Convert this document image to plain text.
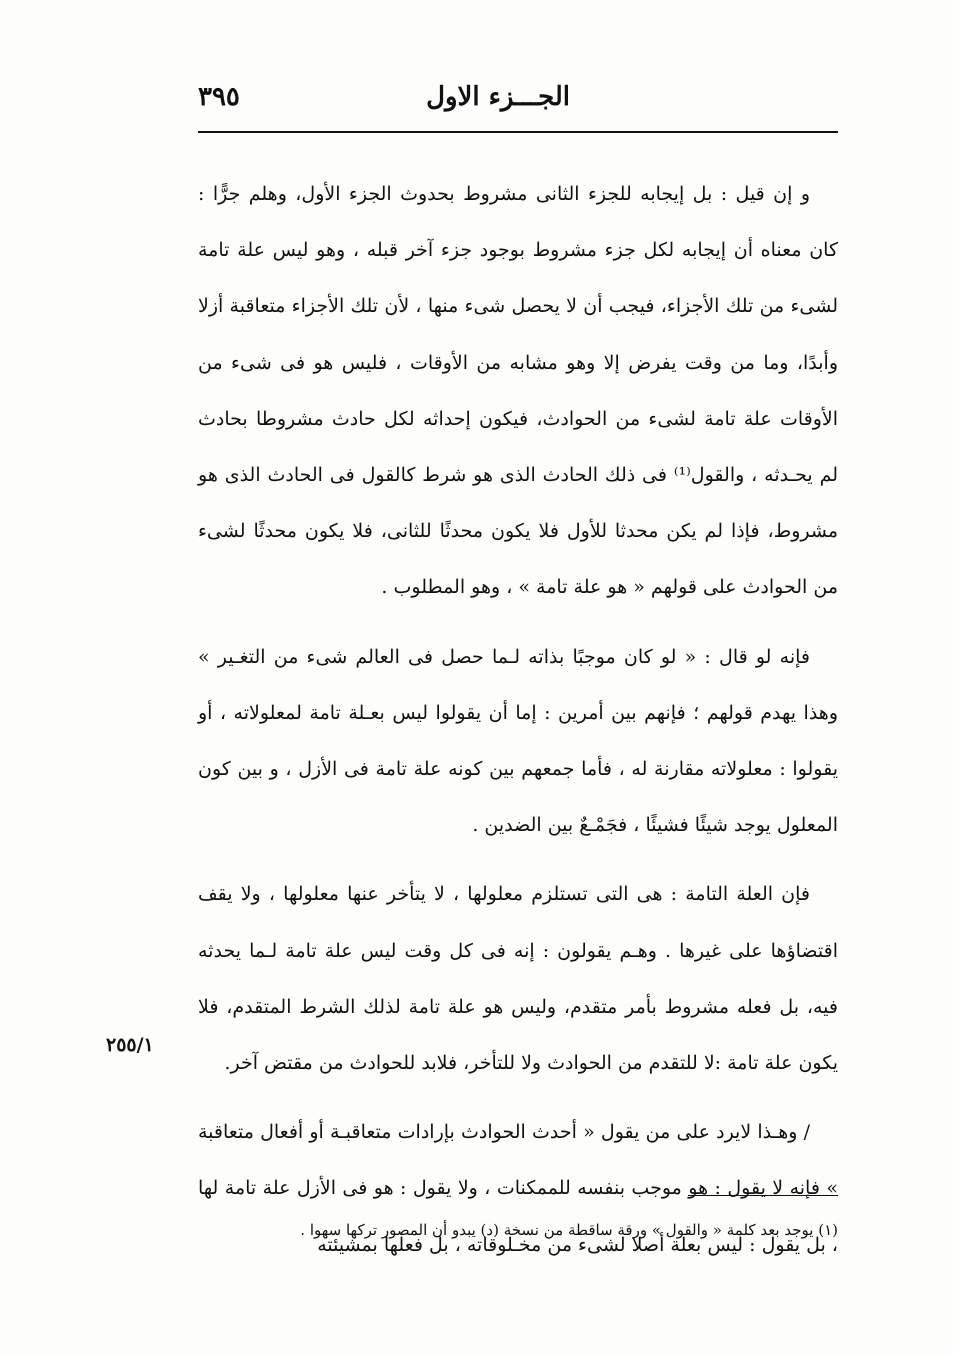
الجـــزء الاول
٣٩٥

و إن قيل : بل إيجابه للجزء الثانى مشروط بحدوث الجزء الأول، وهلم جرًّا : كان معناه أن إيجابه لكل جزء مشروط بوجود جزء آخر قبله ، وهو ليس علة تامة لشىء من تلك الأجزاء، فيجب أن لا يحصل شىء منها ، لأن تلك الأجزاء متعاقبة أزلا وأبدًا، وما من وقت يفرض إلا وهو مشابه من الأوقات ، فليس هو فى شىء من الأوقات علة تامة لشىء من الحوادث، فيكون إحداثه لكل حادث مشروطا بحادث لم يحـدثه ، والقول⁽¹⁾ فى ذلك الحادث الذى هو شرط كالقول فى الحادث الذى هو مشروط، فإذا لم يكن محدثا للأول فلا يكون محدثًا للثانى، فلا يكون محدثًا لشىء من الحوادث على قولهم « هو علة تامة » ، وهو المطلوب .

فإنه لو قال : « لو كان موجبًا بذاته لـما حصل فى العالم شىء من التغـير » وهذا يهدم قولهم ؛ فإنهم بين أمرين : إما أن يقولوا ليس بعـلة تامة لمعلولاته ، أو يقولوا : معلولاته مقارنة له ، فأما جمعهم بين كونه علة تامة فى الأزل ، و بين كون المعلول يوجد شيئًا فشيئًا ، فجَمْـعٌ بين الضدين .

فإن العلة التامة : هى التى تستلزم معلولها ، لا يتأخر عنها معلولها ، ولا يقف اقتضاؤها على غيرها . وهـم يقولون : إنه فى كل وقت ليس علة تامة لـما يحدثه فيه، بل فعله مشروط بأمر متقدم، وليس هو علة تامة لذلك الشرط المتقدم، فلا يكون علة تامة :لا للتقدم من الحوادث ولا للتأخر، فلابد للحوادث من مقتض آخر.

/ وهـذا لايرد على من يقول « أحدث الحوادث بإرادات متعاقبـة أو أفعال متعاقبة » فإنه لا يقول : هو موجب بنفسه للممكنات ، ولا يقول : هو فى الأزل علة تامة لها ، بل يقول : ليس بعلة أصلا لشىء من مخـلوقاته ، بل فعلها بمشيئته

٢٥٥/١
(١) يوجد بعد كلمة « والقول » ورقة ساقطة من نسخة (د) يبدو أن المصور تركها سهوا .
